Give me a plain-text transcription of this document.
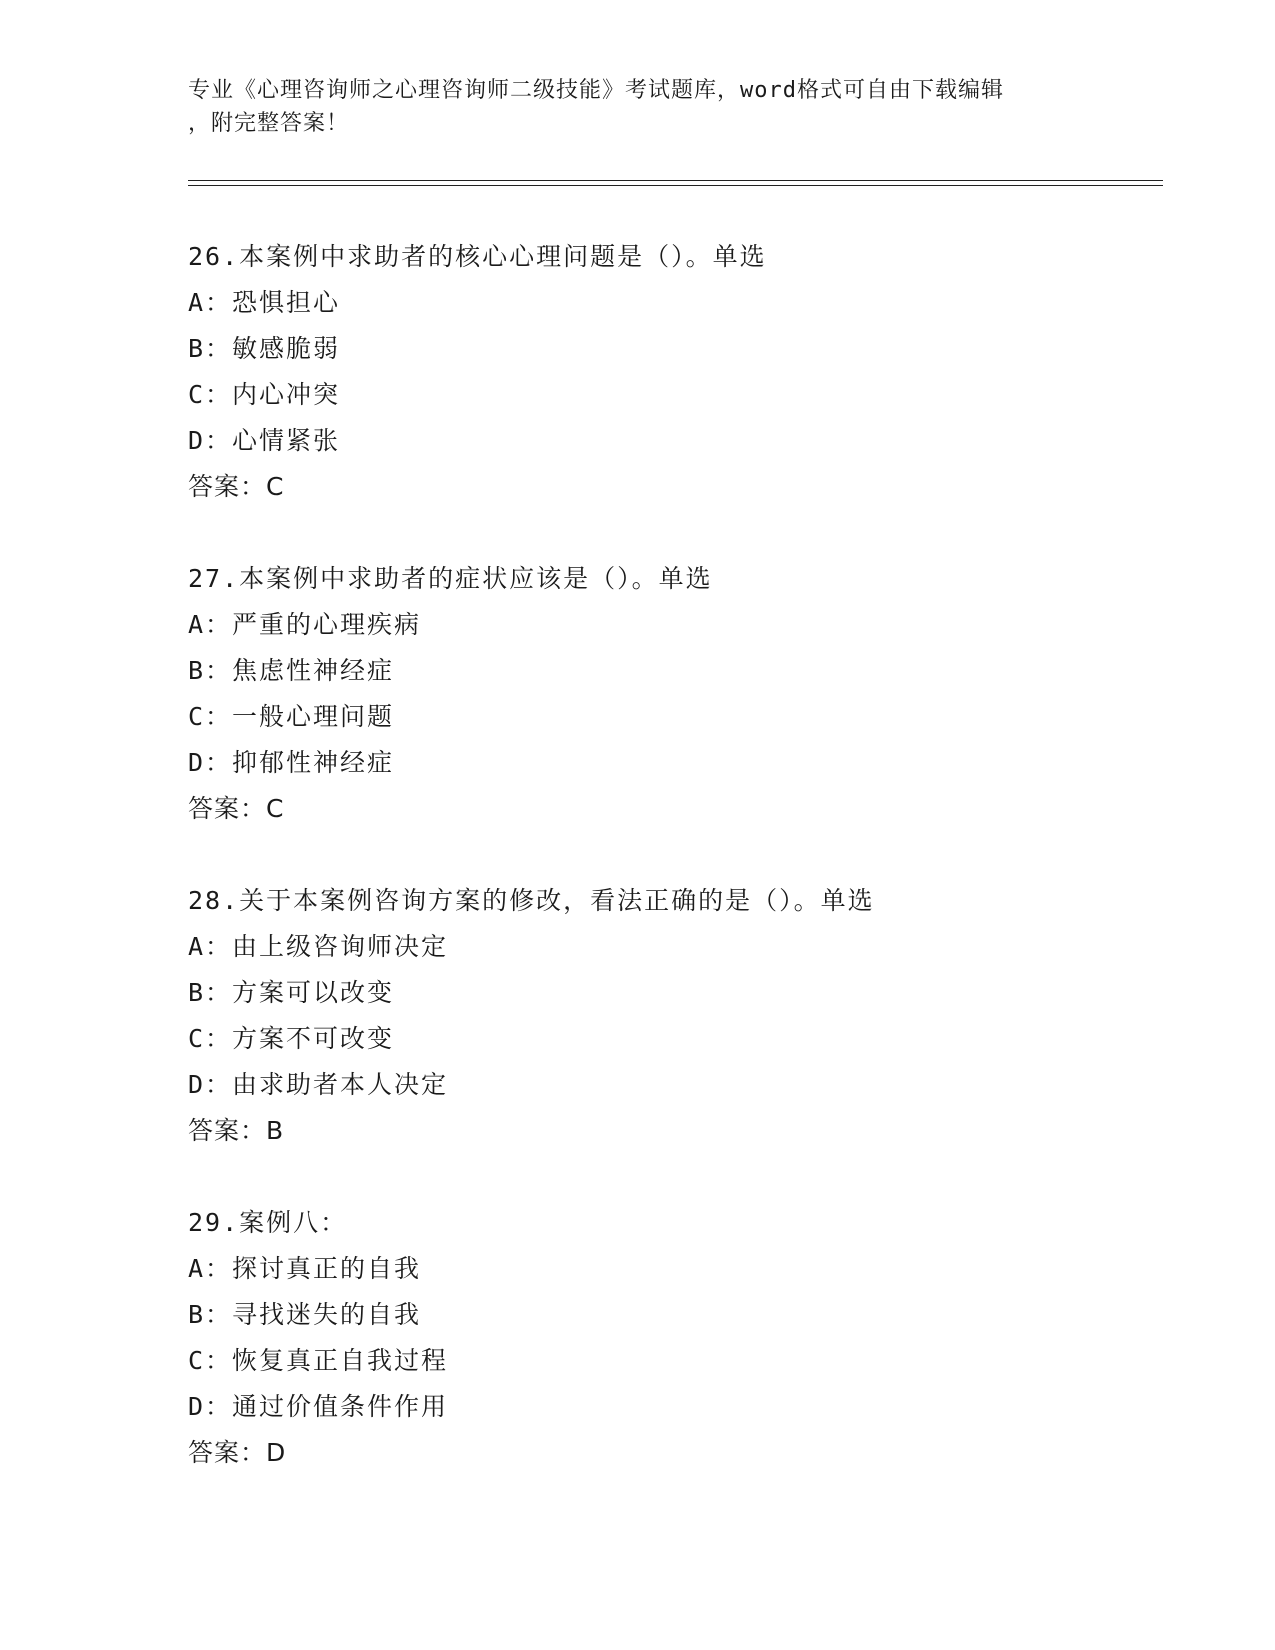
专业《心理咨询师之心理咨询师二级技能》考试题库，word格式可自由下载编辑
，附完整答案！
26.本案例中求助者的核心心理问题是（）。单选
A：恐惧担心
B：敏感脆弱
C：内心冲突
D：心情紧张
答案：C
27.本案例中求助者的症状应该是（）。单选
A：严重的心理疾病
B：焦虑性神经症
C：一般心理问题
D：抑郁性神经症
答案：C
28.关于本案例咨询方案的修改，看法正确的是（）。单选
A：由上级咨询师决定
B：方案可以改变
C：方案不可改变
D：由求助者本人决定
答案：B
29.案例八：
A：探讨真正的自我
B：寻找迷失的自我
C：恢复真正自我过程
D：通过价值条件作用
答案：D
